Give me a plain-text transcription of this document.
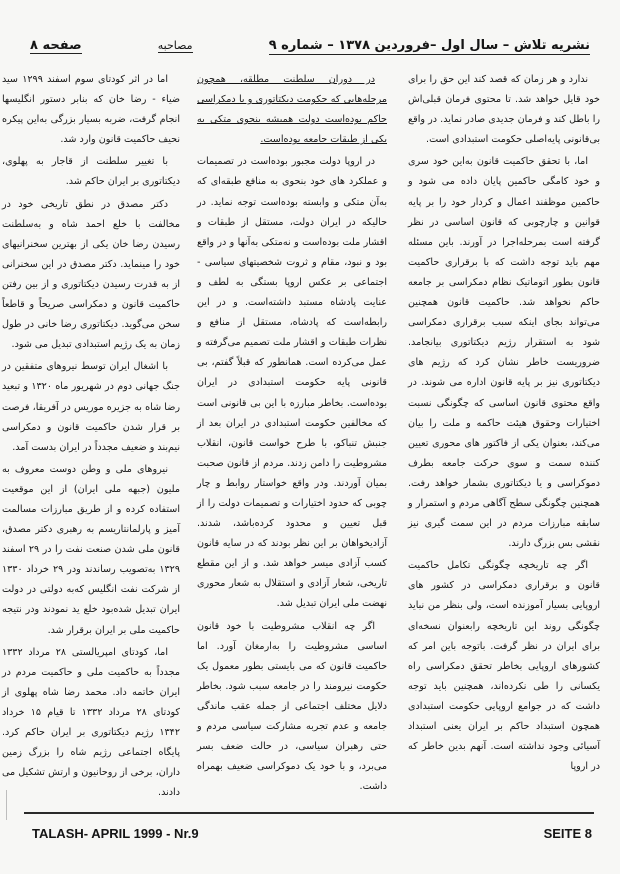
نشریه تلاش – سال اول –فروردین ۱۳۷۸ – شماره ۹
مصاحبه
صفحه ۸

ندارد و هر زمان که قصد کند این حق را برای خود قایل خواهد شد. تا محتوی فرمان قبلی‌اش را باطل کند و فرمان جدیدی صادر نماید. در واقع بی‌قانونی پایه‌اصلی حکومت استبدادی است.

اما، با تحقق حاکمیت قانون به‌این خود سری و خود کامگی حاکمین پایان داده می شود و حاکمین موظفند اعمال و کردار خود را بر پایه قوانین و چارچوبی که قانون اساسی در نظر گرفته است بمرحله‌اجرا در آورند. باین مسئله مهم باید توجه داشت که با برقراری حاکمیت قانون بطور اتوماتیک نظام دمکراسی بر جامعه حاکم نخواهد شد. حاکمیت قانون همچنین می‌تواند بجای اینکه سبب برقراری دمکراسی شود به استقرار رژیم دیکتاتوری بیانجامد. ضروریست خاطر نشان کرد که رژیم های دیکتاتوری نیز بر پایه قانون اداره می شوند. در واقع محتوی قانون اساسی که چگونگی نسبت اختیارات وحقوق هیئت حاکمه و ملت را بیان می‌کند، بعنوان یکی از فاکتور های محوری تعیین کننده سمت و سوی حرکت جامعه بطرف دموکراسی و یا دیکتاتوری بشمار خواهد رفت. همچنین چگونگی سطح آگاهی مردم و استمرار و سابقه مبارزات مردم در این سمت گیری نیز نقشی بس بزرگ دارند.

اگر چه تاریخچه چگونگی تکامل حاکمیت قانون و برقراری دمکراسی در کشور های اروپایی بسیار آموزنده است، ولی بنظر من نباید چگونگی روند این تاریخچه رابعنوان نسخه‌ای برای ایران در نظر گرفت. باتوجه باین امر که کشورهای اروپایی بخاطر تحقق دمکراسی راه یکسانی را طی نکرده‌اند، همچنین باید توجه داشت که در جوامع اروپایی حکومت استبدادی همچون استبداد حاکم بر ایران یعنی استبداد آسیائی وجود نداشته است. آنهم بدین خاطر که در اروپا

در دوران سلطنت مطلقه، همچون مرحله‌هایی که حکومت دیکتاتوری و یا دمکراسی حاکم بوده‌است دولت همیشه بنحوی متکی به یکی از طبقات جامعه بوده‌است.

در اروپا دولت مجبور بوده‌است در تصمیمات و عملکرد های خود بنحوی به منافع طبقه‌ای که به‌آن متکی و وابسته بوده‌است توجه نماید. در حالیکه در ایران دولت، مستقل از طبقات و اقشار ملت بوده‌است و نه‌متکی به‌آنها و در واقع بود و نبود، مقام و ثروت شخصیتهای سیاسی - اجتماعی بر عکس اروپا بستگی به لطف و عنایت پادشاه مستبد داشته‌است. و در این رابطه‌است که پادشاه، مستقل از منافع و نظرات طبقات و اقشار ملت تصمیم می‌گرفته و عمل می‌کرده است. همانطور که قبلاً گفتم، بی قانونی پایه حکومت استبدادی در ایران بوده‌است. بخاطر مبارزه با این بی قانونی است که مخالفین حکومت استبدادی در ایران بعد از جنبش تنباکو، با طرح خواست قانون، انقلاب مشروطیت را دامن زدند. مردم از قانون صحبت بمیان آوردند. ودر واقع خواستار روابط و چار چوبی که حدود اختیارات و تصمیمات دولت را از قبل تعیین و محدود کرده‌باشد، شدند. آزادیخواهان بر این نظر بودند که در سایه قانون کسب آزادی میسر خواهد شد. و از این مقطع تاریخی، شعار آزادی و استقلال به شعار محوری نهضت ملی ایران تبدیل شد.

اگر چه انقلاب مشروطیت با خود قانون اساسی مشروطیت را به‌ارمغان آورد. اما حاکمیت قانون که می بایستی بطور معمول یک حکومت نیرومند را در جامعه سبب شود. بخاطر دلایل مختلف اجتماعی از جمله عقب ماندگی جامعه و عدم تجربه مشارکت سیاسی مردم و حتی رهبران سیاسی، در حالت ضعف بسر می‌برد، و با خود یک دموکراسی ضعیف بهمراه داشت.

اما در اثر کودتای سوم اسفند ۱۲۹۹ سید ضیاء - رضا خان که بنابر دستور انگلیسها انجام گرفت، ضربه بسیار بزرگی به‌این پیکره نحیف حاکمیت قانون وارد شد.

با تغییر سلطنت از قاجار به پهلوی، دیکتاتوری بر ایران حاکم شد.

دکتر مصدق در نطق تاریخی خود در مخالفت با خلع احمد شاه و به‌سلطنت رسیدن رضا خان یکی از بهترین سخنرانیهای خود را مینماید. دکتر مصدق در این سخنرانی از به قدرت رسیدن دیکتاتوری و از بین رفتن حاکمیت قانون و دمکراسی صریحاً و قاطعاً سخن می‌گوید. دیکتاتوری رضا خانی در طول زمان به یک رژیم استبدادی تبدیل می شود.

با اشغال ایران توسط نیروهای متفقین در جنگ جهانی دوم در شهریور ماه ۱۳۲۰ و تبعید رضا شاه به جزیره موریس در آفریقا، فرصت بر قرار شدن حاکمیت قانون و دمکراسی نیم‌بند و ضعیف مجدداً در ایران بدست آمد.

نیروهای ملی و وطن دوست معروف به ملیون (جبهه ملی ایران) از این موقعیت استفاده کرده و از طریق مبارزات مسالمت آمیز و پارلمانتاریسم به رهبری دکتر مصدق، قانون ملی شدن صنعت نفت را در ۲۹ اسفند ۱۳۲۹ به‌تصویب رساندند ودر ۲۹ خرداد ۱۳۳۰ از شرکت نفت انگلیس که‌به دولتی در دولت ایران تبدیل شده‌بود خلع ید نمودند ودر نتیجه حاکمیت ملی بر ایران برقرار شد.

اما، کودتای امپریالستی ۲۸ مرداد ۱۳۳۲ مجدداً به حاکمیت ملی و حاکمیت مردم در ایران خاتمه داد. محمد رضا شاه پهلوی از کودتای ۲۸ مرداد ۱۳۳۲ تا قیام ۱۵ خرداد ۱۳۴۲ رژیم دیکتاتوری بر ایران حاکم کرد. پایگاه اجتماعی رژیم شاه را بزرگ زمین داران، برخی از روحانیون و ارتش تشکیل می دادند.

TALASH- APRIL 1999 - Nr.9	SEITE 8
